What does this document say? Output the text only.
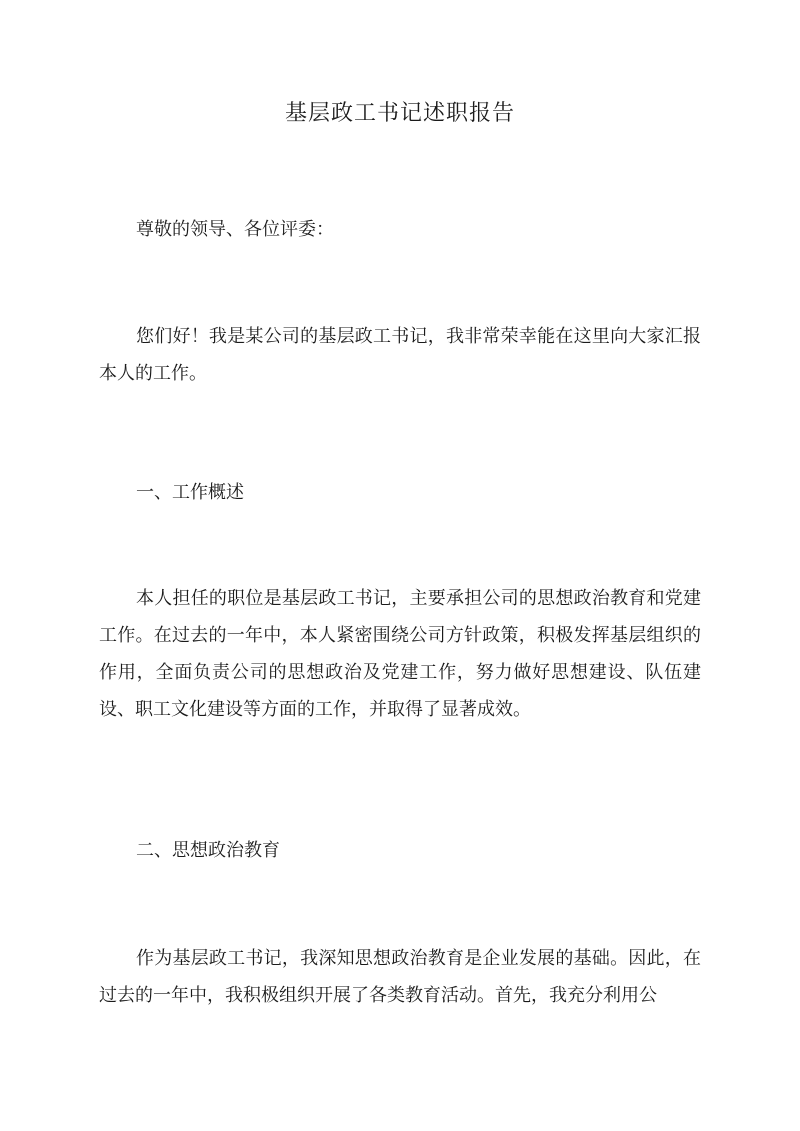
基层政工书记述职报告

尊敬的领导、各位评委：

您们好！我是某公司的基层政工书记，我非常荣幸能在这里向大家汇报本人的工作。

一、工作概述

本人担任的职位是基层政工书记，主要承担公司的思想政治教育和党建工作。在过去的一年中，本人紧密围绕公司方针政策，积极发挥基层组织的作用，全面负责公司的思想政治及党建工作，努力做好思想建设、队伍建设、职工文化建设等方面的工作，并取得了显著成效。

二、思想政治教育

作为基层政工书记，我深知思想政治教育是企业发展的基础。因此，在过去的一年中，我积极组织开展了各类教育活动。首先，我充分利用公
